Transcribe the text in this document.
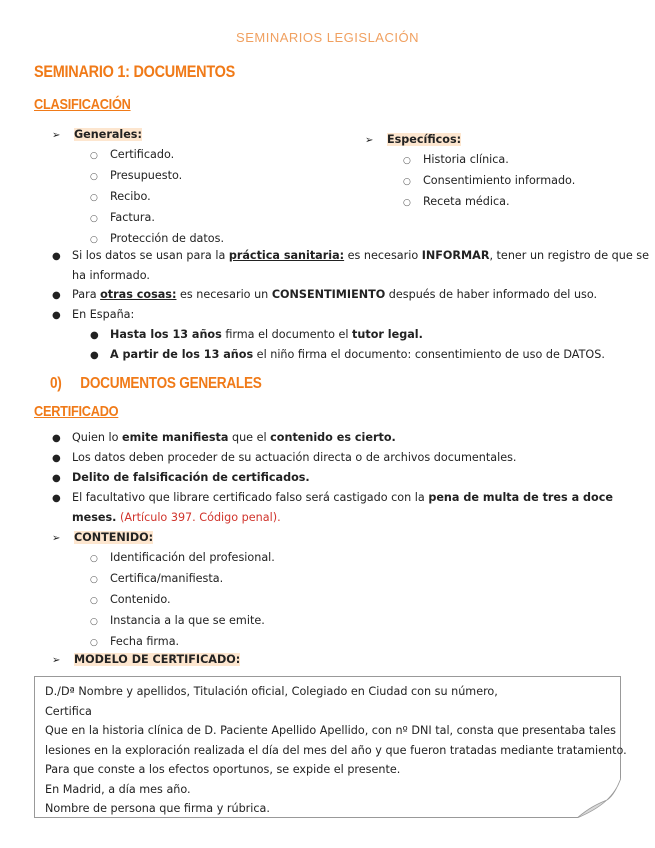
SEMINARIOS LEGISLACIÓN
SEMINARIO 1: DOCUMENTOS
CLASIFICACIÓN
➢ Generales:
○ Certificado.
○ Presupuesto.
○ Recibo.
○ Factura.
○ Protección de datos.
➢ Específicos:
○ Historia clínica.
○ Consentimiento informado.
○ Receta médica.
● Si los datos se usan para la práctica sanitaria: es necesario INFORMAR, tener un registro de que se
ha informado.
● Para otras cosas: es necesario un CONSENTIMIENTO después de haber informado del uso.
● En España:
● Hasta los 13 años firma el documento el tutor legal.
● A partir de los 13 años el niño firma el documento: consentimiento de uso de DATOS.
0) DOCUMENTOS GENERALES
CERTIFICADO
● Quien lo emite manifiesta que el contenido es cierto.
● Los datos deben proceder de su actuación directa o de archivos documentales.
● Delito de falsificación de certificados.
● El facultativo que librare certificado falso será castigado con la pena de multa de tres a doce
meses. (Artículo 397. Código penal).
➢ CONTENIDO:
○ Identificación del profesional.
○ Certifica/manifiesta.
○ Contenido.
○ Instancia a la que se emite.
○ Fecha firma.
➢ MODELO DE CERTIFICADO:
D./Dª Nombre y apellidos, Titulación oficial, Colegiado en Ciudad con su número,
Certifica
Que en la historia clínica de D. Paciente Apellido Apellido, con nº DNI tal, consta que presentaba tales
lesiones en la exploración realizada el día del mes del año y que fueron tratadas mediante tratamiento.
Para que conste a los efectos oportunos, se expide el presente.
En Madrid, a día mes año.
Nombre de persona que firma y rúbrica.
